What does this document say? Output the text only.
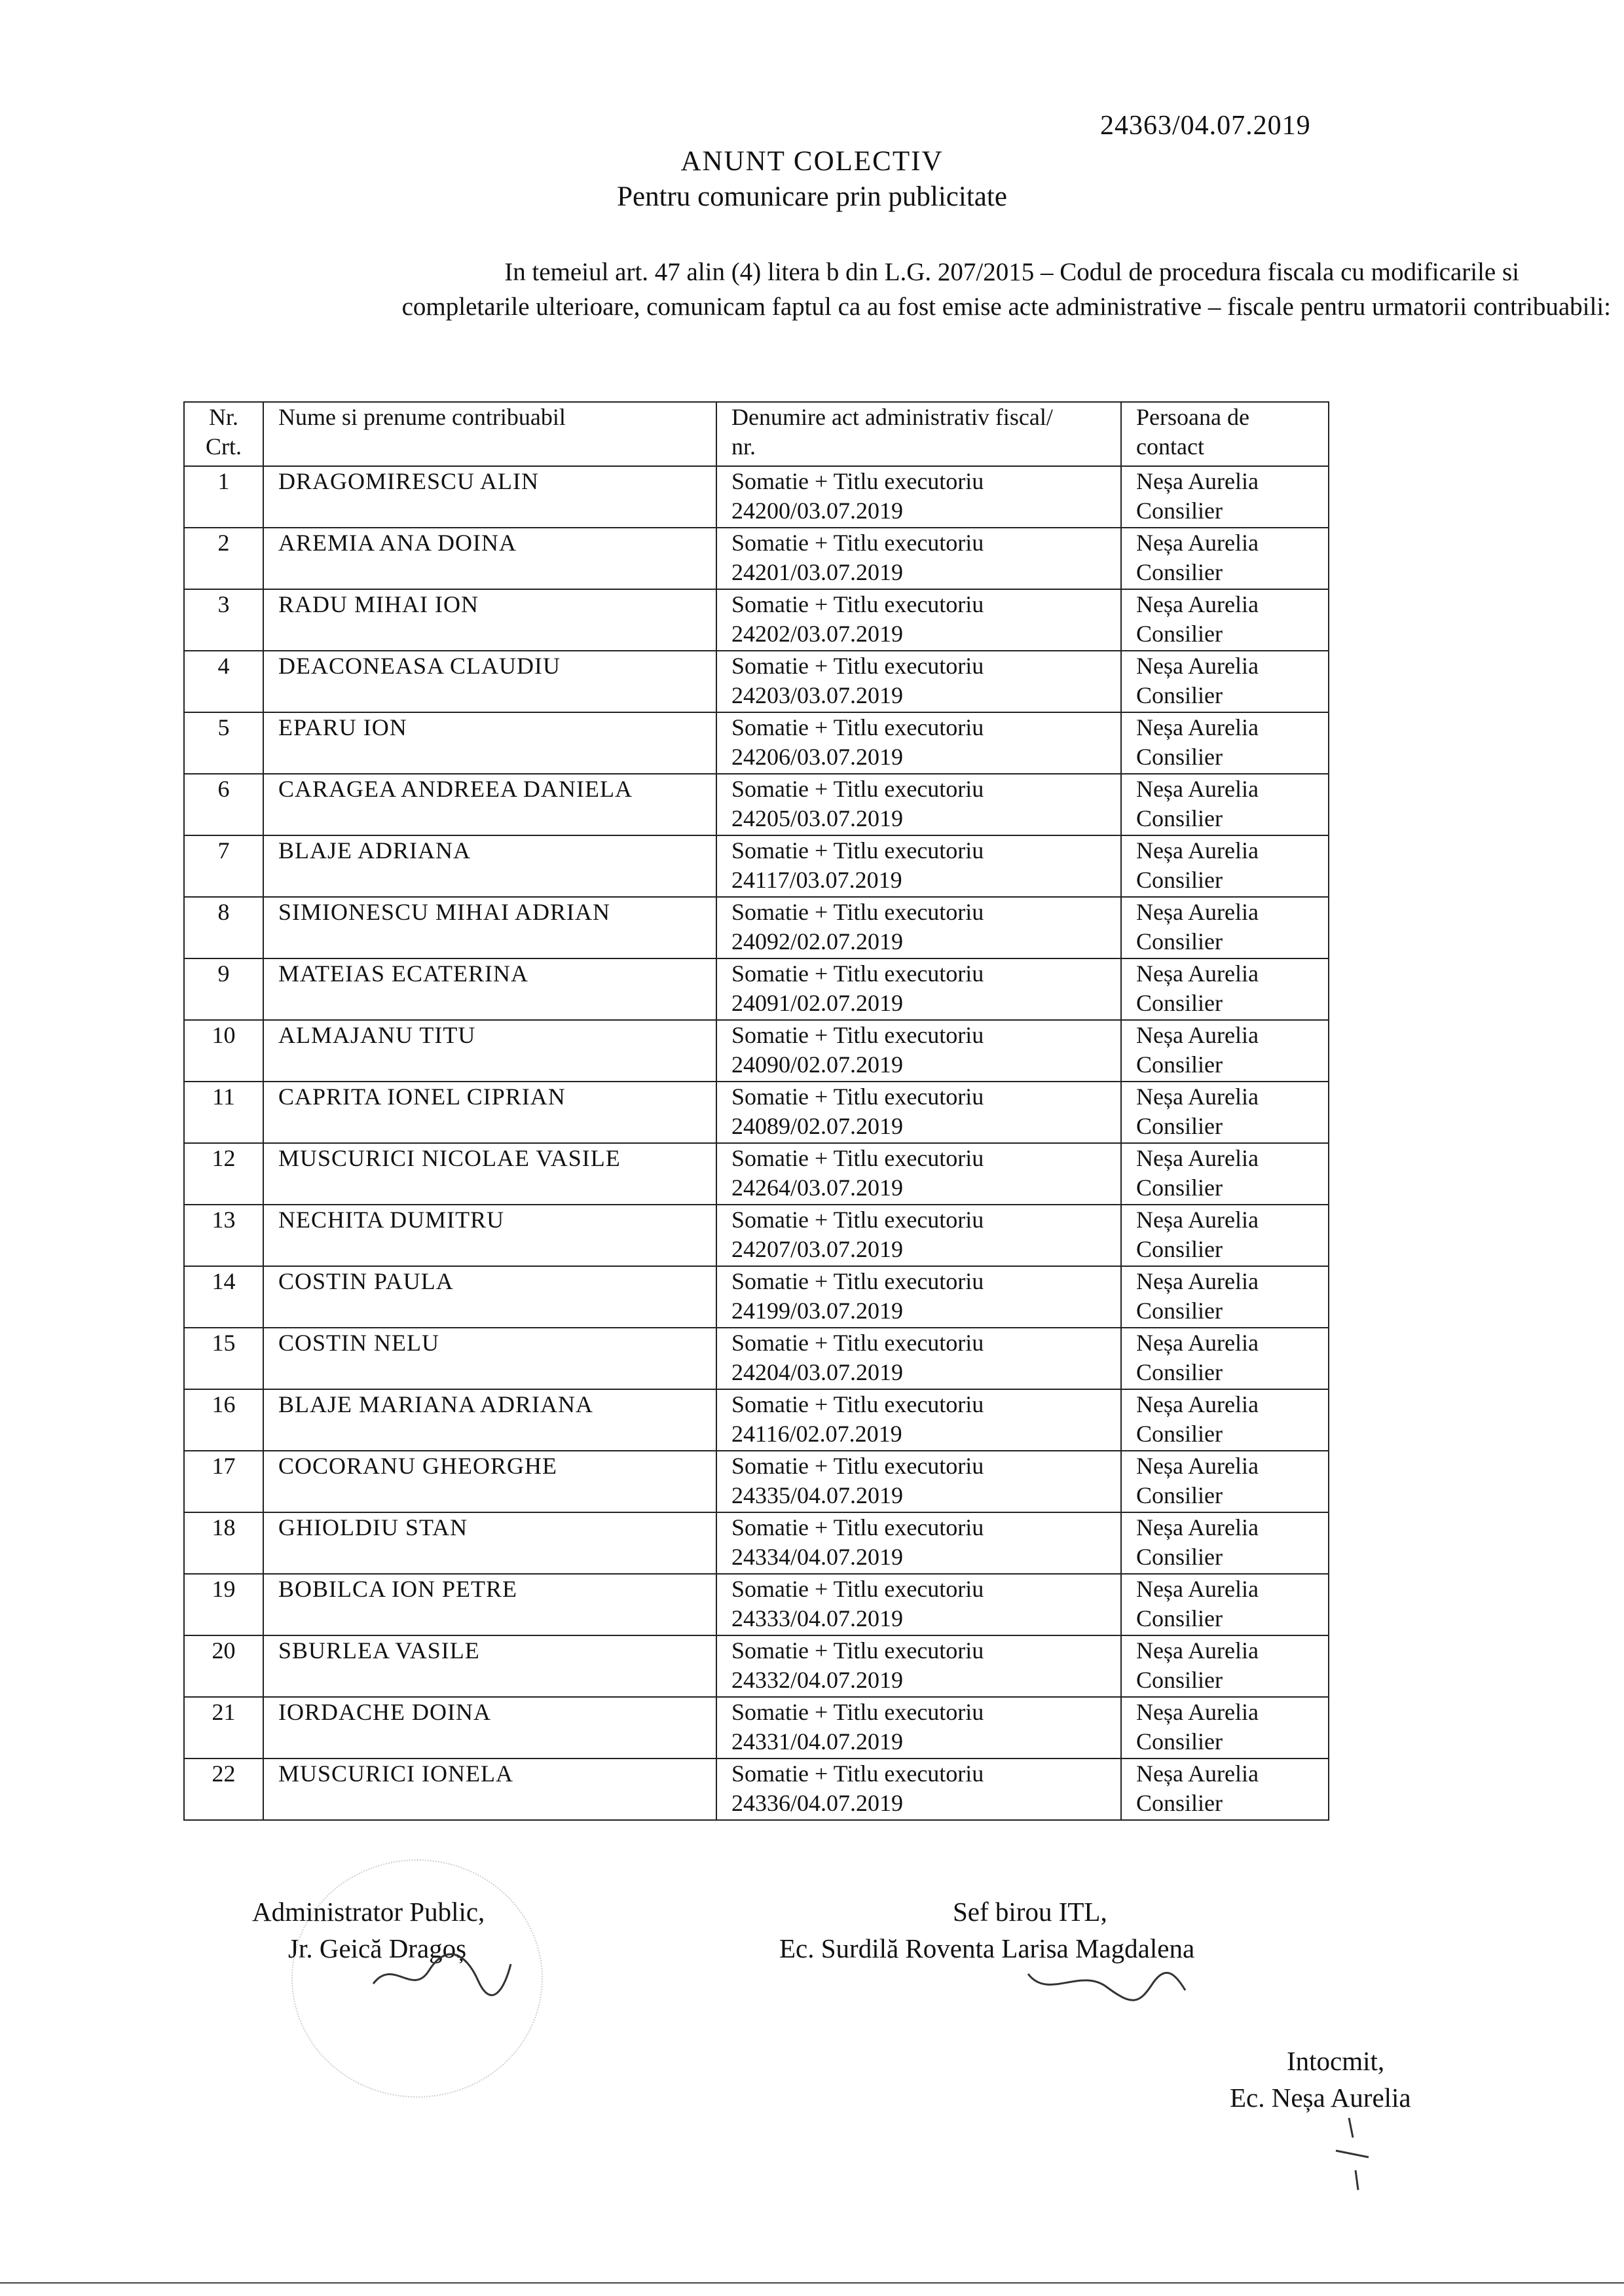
24363/04.07.2019
ANUNT COLECTIV
Pentru comunicare prin publicitate
In temeiul art. 47 alin (4) litera b din L.G. 207/2015 – Codul de procedura fiscala cu modificarile si
completarile ulterioare, comunicam faptul ca au fost emise acte administrative – fiscale pentru urmatorii contribuabili:
Nr.
Crt.	Nume si prenume contribuabil	Denumire act administrativ fiscal/
nr.	Persoana de
contact

1	DRAGOMIRESCU ALIN	Somatie + Titlu executoriu
24200/03.07.2019	Neșa Aurelia
Consilier

2	AREMIA ANA DOINA	Somatie + Titlu executoriu
24201/03.07.2019	Neșa Aurelia
Consilier

3	RADU MIHAI ION	Somatie + Titlu executoriu
24202/03.07.2019	Neșa Aurelia
Consilier

4	DEACONEASA CLAUDIU	Somatie + Titlu executoriu
24203/03.07.2019	Neșa Aurelia
Consilier

5	EPARU ION	Somatie + Titlu executoriu
24206/03.07.2019	Neșa Aurelia
Consilier

6	CARAGEA ANDREEA DANIELA	Somatie + Titlu executoriu
24205/03.07.2019	Neșa Aurelia
Consilier

7	BLAJE ADRIANA	Somatie + Titlu executoriu
24117/03.07.2019	Neșa Aurelia
Consilier

8	SIMIONESCU MIHAI ADRIAN	Somatie + Titlu executoriu
24092/02.07.2019	Neșa Aurelia
Consilier

9	MATEIAS ECATERINA	Somatie + Titlu executoriu
24091/02.07.2019	Neșa Aurelia
Consilier

10	ALMAJANU TITU	Somatie + Titlu executoriu
24090/02.07.2019	Neșa Aurelia
Consilier

11	CAPRITA IONEL CIPRIAN	Somatie + Titlu executoriu
24089/02.07.2019	Neșa Aurelia
Consilier

12	MUSCURICI NICOLAE VASILE	Somatie + Titlu executoriu
24264/03.07.2019	Neșa Aurelia
Consilier

13	NECHITA DUMITRU	Somatie + Titlu executoriu
24207/03.07.2019	Neșa Aurelia
Consilier

14	COSTIN PAULA	Somatie + Titlu executoriu
24199/03.07.2019	Neșa Aurelia
Consilier

15	COSTIN NELU	Somatie + Titlu executoriu
24204/03.07.2019	Neșa Aurelia
Consilier

16	BLAJE MARIANA ADRIANA	Somatie + Titlu executoriu
24116/02.07.2019	Neșa Aurelia
Consilier

17	COCORANU GHEORGHE	Somatie + Titlu executoriu
24335/04.07.2019	Neșa Aurelia
Consilier

18	GHIOLDIU STAN	Somatie + Titlu executoriu
24334/04.07.2019	Neșa Aurelia
Consilier

19	BOBILCA ION PETRE	Somatie + Titlu executoriu
24333/04.07.2019	Neșa Aurelia
Consilier

20	SBURLEA VASILE	Somatie + Titlu executoriu
24332/04.07.2019	Neșa Aurelia
Consilier

21	IORDACHE DOINA	Somatie + Titlu executoriu
24331/04.07.2019	Neșa Aurelia
Consilier

22	MUSCURICI IONELA	Somatie + Titlu executoriu
24336/04.07.2019	Neșa Aurelia
Consilier
Administrator Public,
Jr. Geică Dragoș
Sef birou ITL,
Ec. Surdilă Roventa Larisa Magdalena
Intocmit,
Ec. Neșa Aurelia
